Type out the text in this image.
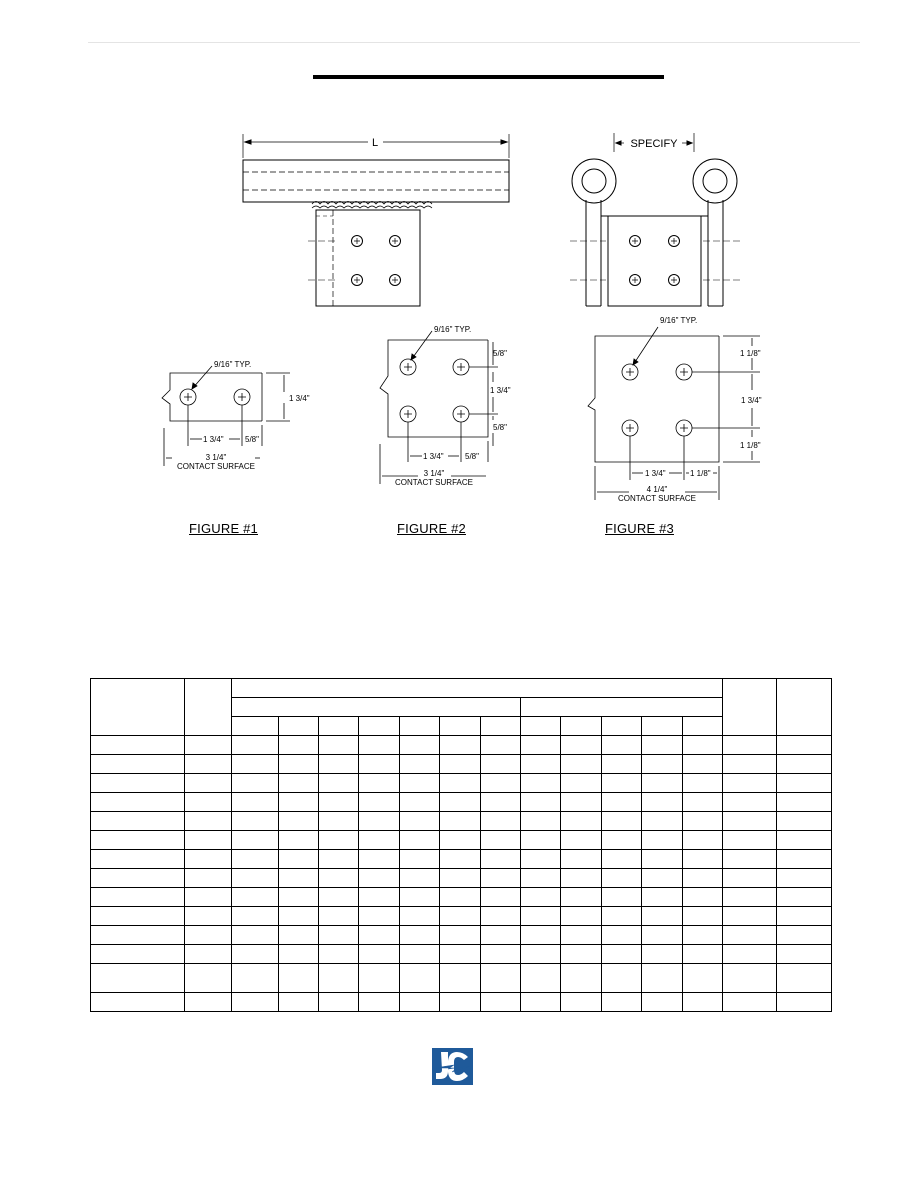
L	SPECIFY
9/16" TYP.
1 3/4"
1 3/4"	5/8"
3 1/4"
CONTACT SURFACE
9/16" TYP.
5/8"
1 3/4"
5/8"
1 3/4"	5/8"
3 1/4"
CONTACT SURFACE
9/16" TYP.
1 1/8"
1 3/4"
1 1/8"
1 3/4"	1 1/8"
4 1/4"
CONTACT SURFACE
FIGURE #1	FIGURE #2	FIGURE #3
